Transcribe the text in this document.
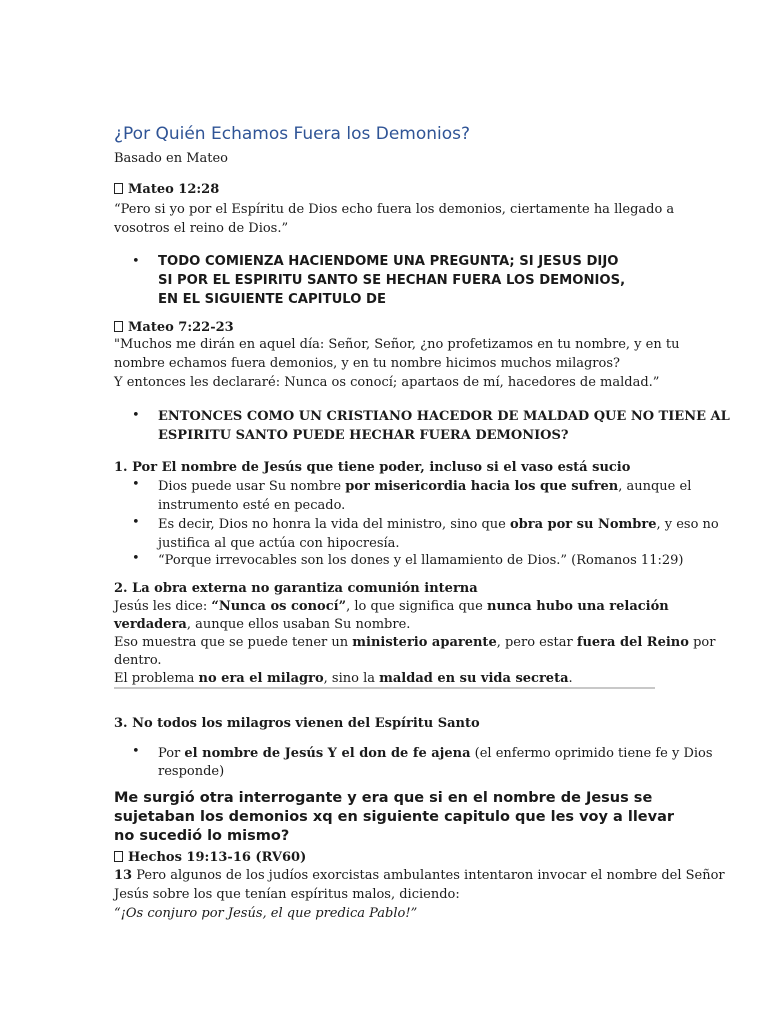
¿Por Quién Echamos Fuera los Demonios?
Basado en Mateo
Mateo 12:28
“Pero si yo por el Espíritu de Dios echo fuera los demonios, ciertamente ha llegado a
vosotros el reino de Dios.”
• TODO COMIENZA HACIENDOME UNA PREGUNTA; SI JESUS DIJO
SI POR EL ESPIRITU SANTO SE HECHAN FUERA LOS DEMONIOS,
EN EL SIGUIENTE CAPITULO DE
Mateo 7:22-23
"Muchos me dirán en aquel día: Señor, Señor, ¿no profetizamos en tu nombre, y en tu
nombre echamos fuera demonios, y en tu nombre hicimos muchos milagros?
Y entonces les declararé: Nunca os conocí; apartaos de mí, hacedores de maldad.”
• ENTONCES COMO UN CRISTIANO HACEDOR DE MALDAD QUE NO TIENE AL
ESPIRITU SANTO PUEDE HECHAR FUERA DEMONIOS?
1. Por El nombre de Jesús que tiene poder, incluso si el vaso está sucio
• Dios puede usar Su nombre por misericordia hacia los que sufren, aunque el
instrumento esté en pecado.
• Es decir, Dios no honra la vida del ministro, sino que obra por su Nombre, y eso no
justifica al que actúa con hipocresía.
• “Porque irrevocables son los dones y el llamamiento de Dios.” (Romanos 11:29)
2. La obra externa no garantiza comunión interna
Jesús les dice: “Nunca os conocí”, lo que significa que nunca hubo una relación
verdadera, aunque ellos usaban Su nombre.
Eso muestra que se puede tener un ministerio aparente, pero estar fuera del Reino por
dentro.
El problema no era el milagro, sino la maldad en su vida secreta.
3. No todos los milagros vienen del Espíritu Santo
• Por el nombre de Jesús Y el don de fe ajena (el enfermo oprimido tiene fe y Dios
responde)
Me surgió otra interrogante y era que si en el nombre de Jesus se
sujetaban los demonios xq en siguiente capitulo que les voy a llevar
no sucedió lo mismo?
Hechos 19:13-16 (RV60)
13 Pero algunos de los judíos exorcistas ambulantes intentaron invocar el nombre del Señor
Jesús sobre los que tenían espíritus malos, diciendo:
“¡Os conjuro por Jesús, el que predica Pablo!”
